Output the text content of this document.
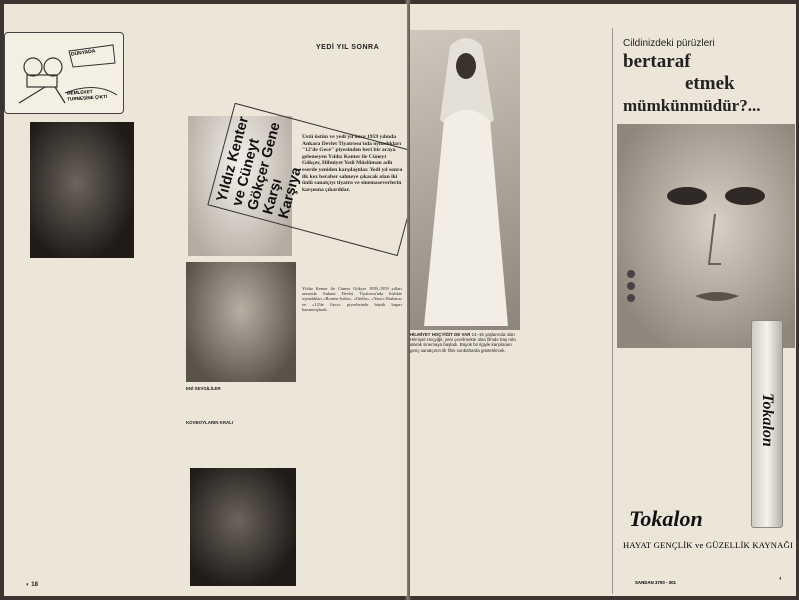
DÜNYADA
MEMLEKET TURNESİNE ÇIKTI
ENİ SEVGİLİLER
KOVBOYLARIN KRALI
YEDİ YIL SONRA
Yıldız Kenter ve Cüneyt Gökçer Gene Karşı Karşıya
Üstü üstün ve yedi yıl önce 1959 yılında Ankara Devlet Tiyatrosu'nda oynadıkları "12'de Gece" piyesinden beri bir araya gelemeyen Yıldız Kenter ile Cüneyt Gökçer, Hilmiyet Yedi Müslüman adlı eserde yeniden karşılaştılar. Yedi yıl sonra ilk kez beraber sahneye çıkacak olan iki ünlü sanatçıyı tiyatro ve sinemaseverlerin karşısına çıkardılar.
Yıldız Kenter ile Cüneyt Gökçer 1959–1959 yılları arasında Ankara Devlet Tiyatrosu'nda birlikte oynadıkları «Romeo-Juliet», «Otello», «Yazıcı Barbara» ve «12'de Gece» piyeslerinde büyük başarı kazanmışlardı.
◐ 18
HİLMİYET HOÇYİĞİT DE VAR 14–15 yaşlarında olan Hilmiyet Hoçyiğit, yeni çevrilmekte olan filmde baş rolü alarak sinemaya başladı. Büyük bir ilgiyle karşılanan genç sanatçının ilk filmi sonbaharda gösterilecek.
Cildinizdeki pürüzleri
bertaraf
etmek
mümkünmüdür?...
Tokalon
Tokalon
HAYAT GENÇLİK ve GÜZELLİK KAYNAĞI
SANDAN 3700 - 301
◐
